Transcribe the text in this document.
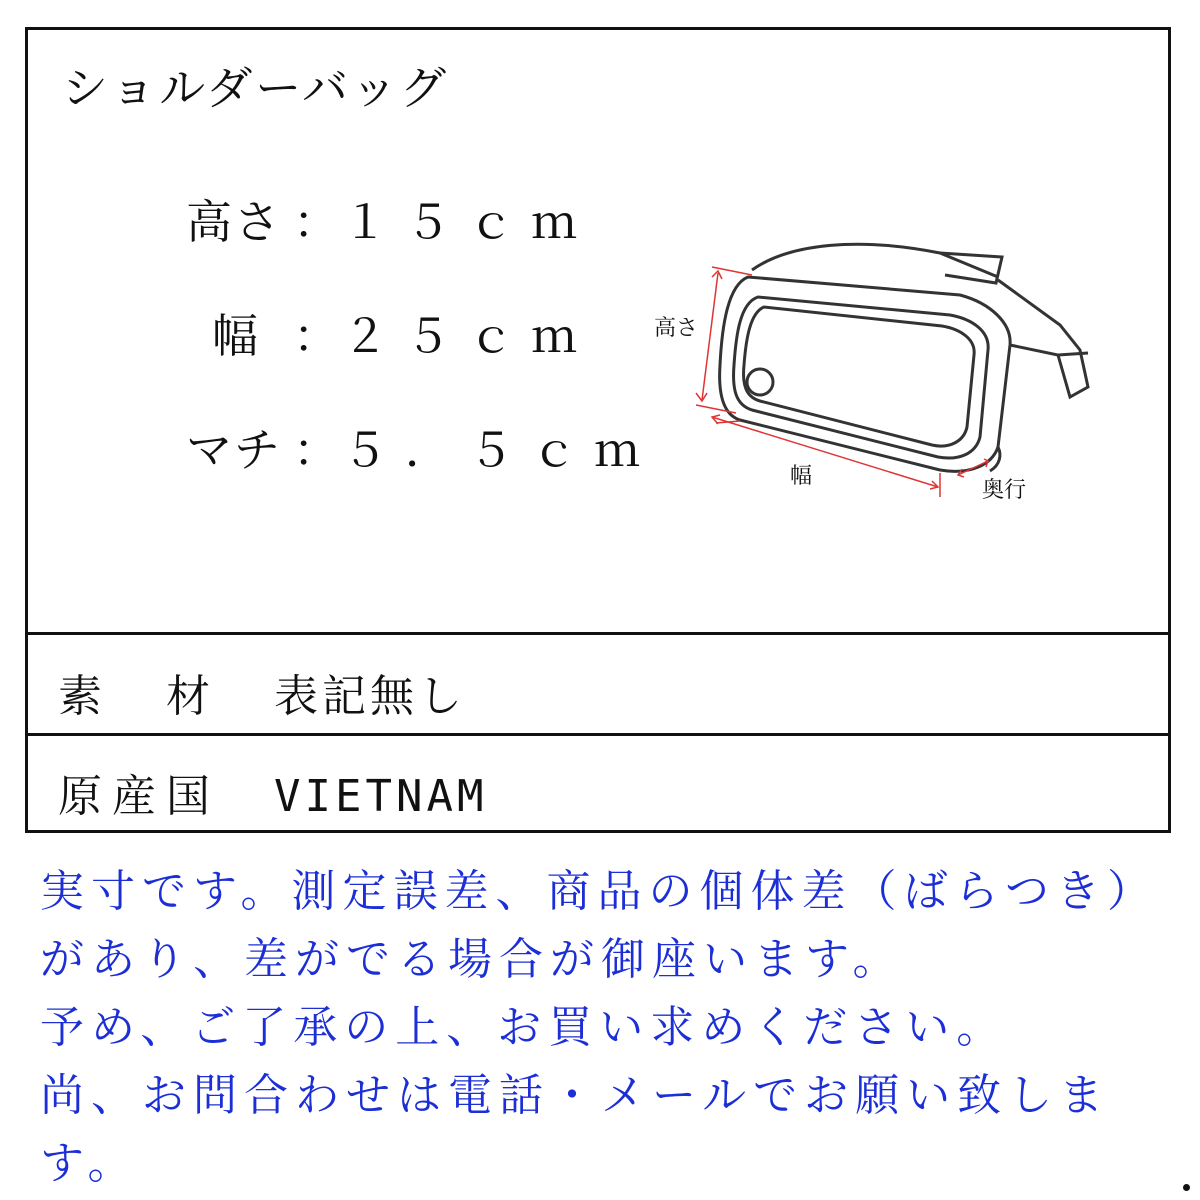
ショルダーバッグ
高さ ：１５ｃｍ
幅 ：２５ｃｍ
マチ ：５．５ｃｍ
高さ
幅
奥行
素　材 表記無し
原産国 VIETNAM
実寸です。測定誤差、商品の個体差（ばらつき）
があり、差がでる場合が御座います。
予め、ご了承の上、お買い求めください。
尚、お問合わせは電話・メールでお願い致しま
す。
